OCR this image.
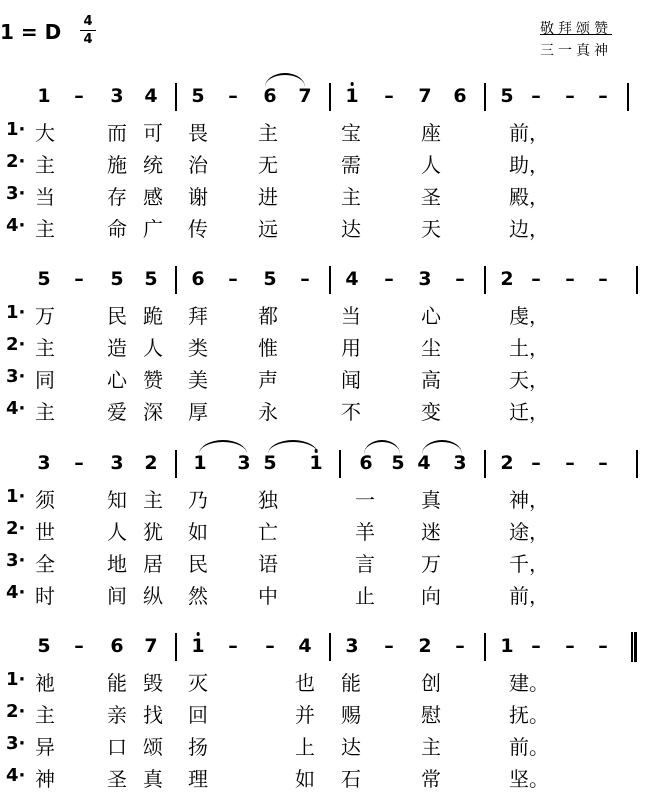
1 = D 4
4
敬拜颂赞
三一真神
1 – 3 4 5 – 6 7 1 – 7 6 5 – – –
1· 大	而 可 畏	主	宝	座	前，
2· 主	施 统 治	无	需	人	助，
3· 当	存 感 谢	进	主	圣	殿，
4· 主	命 广 传	远	达	天	边，
5 – 5 5 6 – 5 – 4 – 3 – 2 – – –
1· 万	民 跪 拜	都	当	心	虔，
2· 主	造 人 类	惟	用	尘	土，
3· 同	心 赞 美	声	闻	高	天，
4· 主	爱 深 厚	永	不	变	迁，
3 – 3 2 1 3 5 1 6 5 4 3 2 – – –
1· 须	知 主 乃	独	一 真	神，
2· 世	人 犹 如	亡	羊 迷	途，
3· 全	地 居 民	语	言 万	千，
4· 时	间 纵 然	中	止 向	前，
5 – 6 7 1 – – 4 3 – 2 – 1 – – –
1· 祂	能 毁 灭	也 能	创	建。
2· 主	亲 找 回	并 赐	慰	抚。
3· 异	口 颂 扬	上 达	主	前。
4· 神	圣 真 理	如 石	常	坚。
